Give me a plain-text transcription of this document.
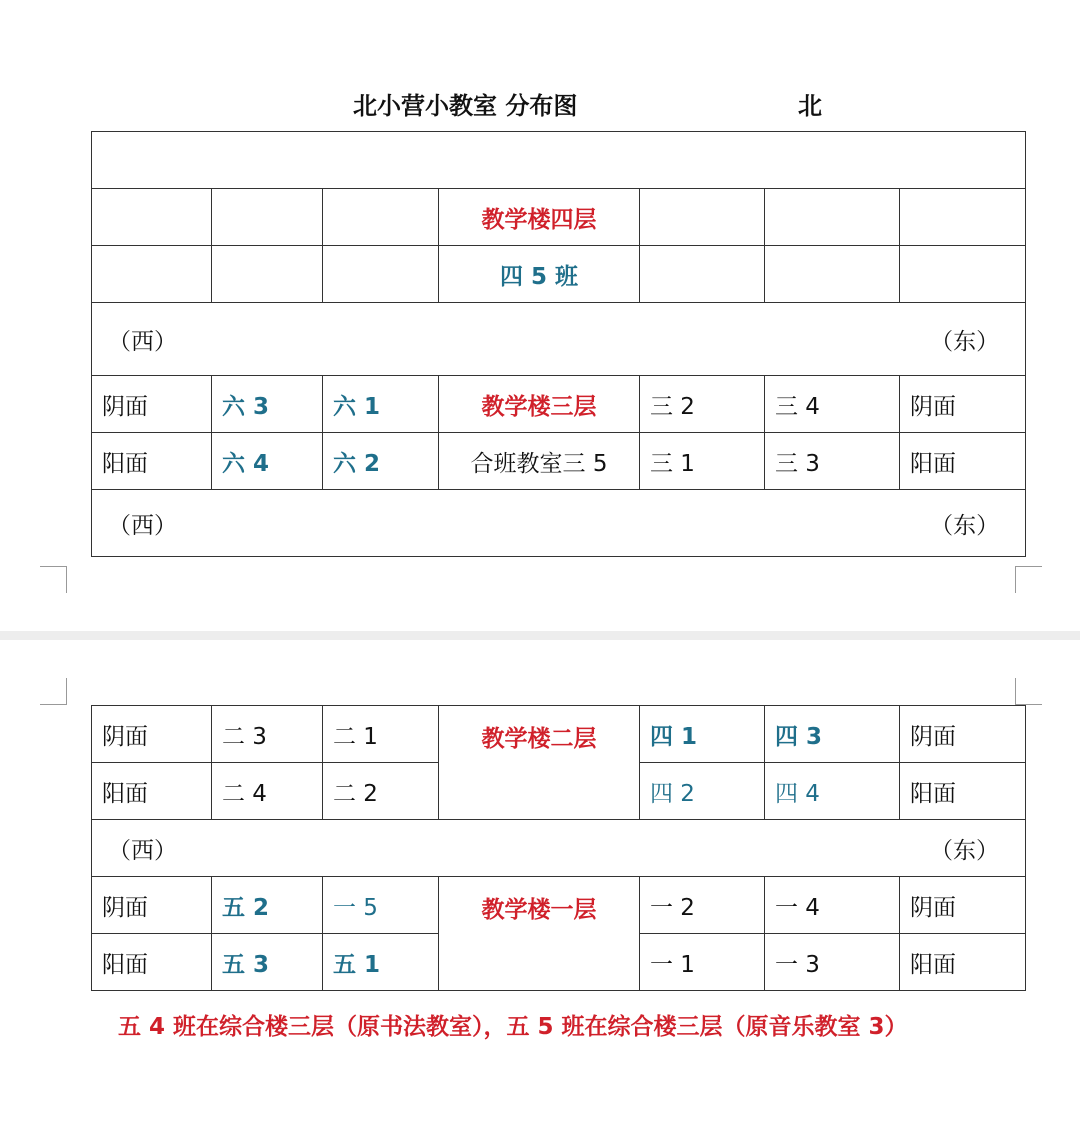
北小营小教室 分布图	北

			教学楼四层			
			四 5 班			

（西） （东）						

阴面	六 3	六 1	教学楼三层	三 2	三 4	阴面
阳面	六 4	六 2	合班教室三 5	三 1	三 3	阳面

（西） （东）						
阴面	二 3	二 1	教学楼二层	四 1	四 3	阴面
阳面	二 4	二 2		四 2	四 4	阳面

（西） （东）						

阴面	五 2	一 5	教学楼一层	一 2	一 4	阴面
阳面	五 3	五 1		一 1	一 3	阳面
五 4 班在综合楼三层（原书法教室），五 5 班在综合楼三层（原音乐教室 3）
